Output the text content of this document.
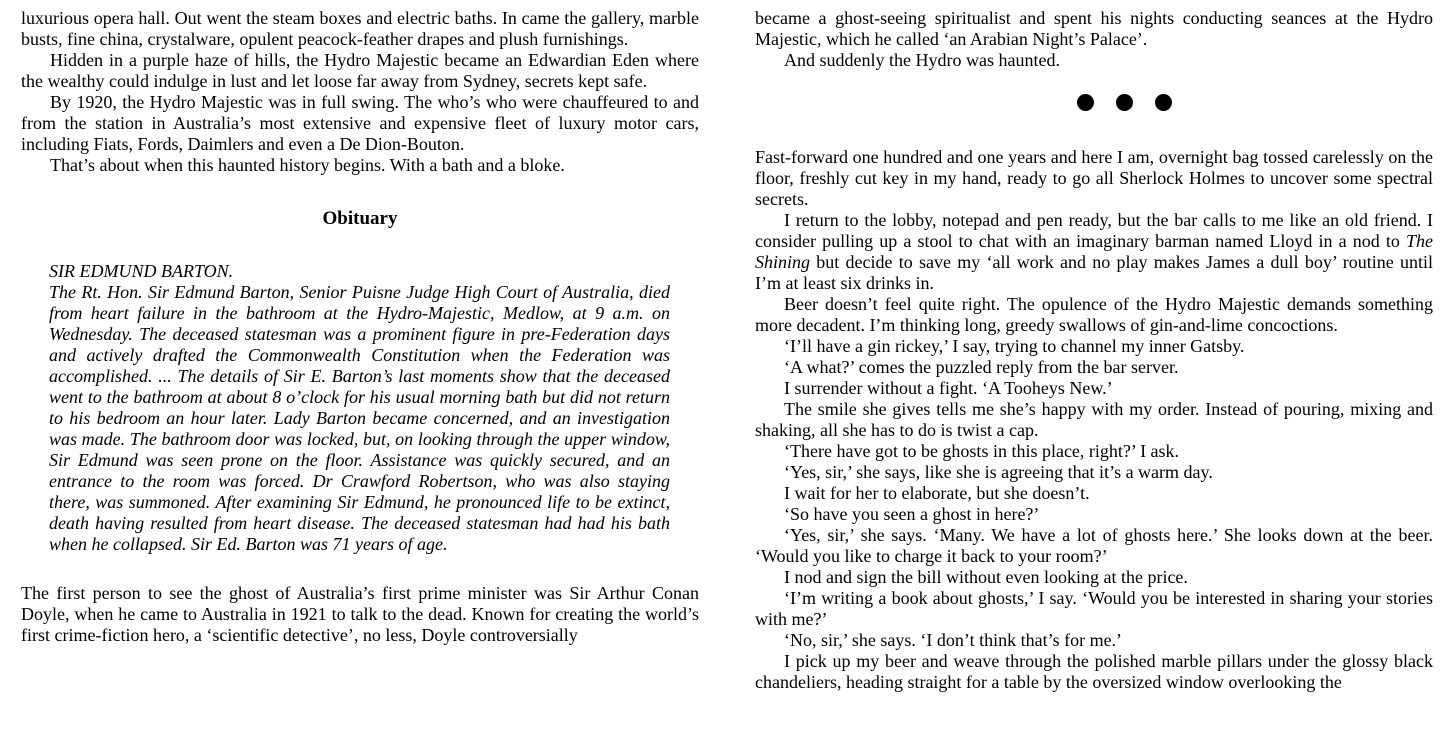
luxurious opera hall. Out went the steam boxes and electric baths. In came the gallery, marble busts, fine china, crystalware, opulent peacock-feather drapes and plush furnishings.

Hidden in a purple haze of hills, the Hydro Majestic became an Edwardian Eden where the wealthy could indulge in lust and let loose far away from Sydney, secrets kept safe.

By 1920, the Hydro Majestic was in full swing. The who’s who were chauffeured to and from the station in Australia’s most extensive and expensive fleet of luxury motor cars, including Fiats, Fords, Daimlers and even a De Dion-Bouton.

That’s about when this haunted history begins. With a bath and a bloke.

Obituary

SIR EDMUND BARTON.

The Rt. Hon. Sir Edmund Barton, Senior Puisne Judge High Court of Australia, died from heart failure in the bathroom at the Hydro-Majestic, Medlow, at 9 a.m. on Wednesday. The deceased statesman was a prominent figure in pre-Federation days and actively drafted the Commonwealth Constitution when the Federation was accomplished. ... The details of Sir E. Barton’s last moments show that the deceased went to the bathroom at about 8 o’clock for his usual morning bath but did not return to his bedroom an hour later. Lady Barton became concerned, and an investigation was made. The bathroom door was locked, but, on looking through the upper window, Sir Edmund was seen prone on the floor. Assistance was quickly secured, and an entrance to the room was forced. Dr Crawford Robertson, who was also staying there, was summoned. After examining Sir Edmund, he pronounced life to be extinct, death having resulted from heart disease. The deceased statesman had had his bath when he collapsed. Sir Ed. Barton was 71 years of age.

The first person to see the ghost of Australia’s first prime minister was Sir Arthur Conan Doyle, when he came to Australia in 1921 to talk to the dead. Known for creating the world’s first crime-fiction hero, a ‘scientific detective’, no less, Doyle controversially

became a ghost-seeing spiritualist and spent his nights conducting seances at the Hydro Majestic, which he called ‘an Arabian Night’s Palace’.

And suddenly the Hydro was haunted.

Fast-forward one hundred and one years and here I am, overnight bag tossed carelessly on the floor, freshly cut key in my hand, ready to go all Sherlock Holmes to uncover some spectral secrets.

I return to the lobby, notepad and pen ready, but the bar calls to me like an old friend. I consider pulling up a stool to chat with an imaginary barman named Lloyd in a nod to The Shining but decide to save my ‘all work and no play makes James a dull boy’ routine until I’m at least six drinks in.

Beer doesn’t feel quite right. The opulence of the Hydro Majestic demands something more decadent. I’m thinking long, greedy swallows of gin-and-lime concoctions.

‘I’ll have a gin rickey,’ I say, trying to channel my inner Gatsby.

‘A what?’ comes the puzzled reply from the bar server.

I surrender without a fight. ‘A Tooheys New.’

The smile she gives tells me she’s happy with my order. Instead of pouring, mixing and shaking, all she has to do is twist a cap.

‘There have got to be ghosts in this place, right?’ I ask.

‘Yes, sir,’ she says, like she is agreeing that it’s a warm day.

I wait for her to elaborate, but she doesn’t.

‘So have you seen a ghost in here?’

‘Yes, sir,’ she says. ‘Many. We have a lot of ghosts here.’ She looks down at the beer. ‘Would you like to charge it back to your room?’

I nod and sign the bill without even looking at the price.

‘I’m writing a book about ghosts,’ I say. ‘Would you be interested in sharing your stories with me?’

‘No, sir,’ she says. ‘I don’t think that’s for me.’

I pick up my beer and weave through the polished marble pillars under the glossy black chandeliers, heading straight for a table by the oversized window overlooking the
